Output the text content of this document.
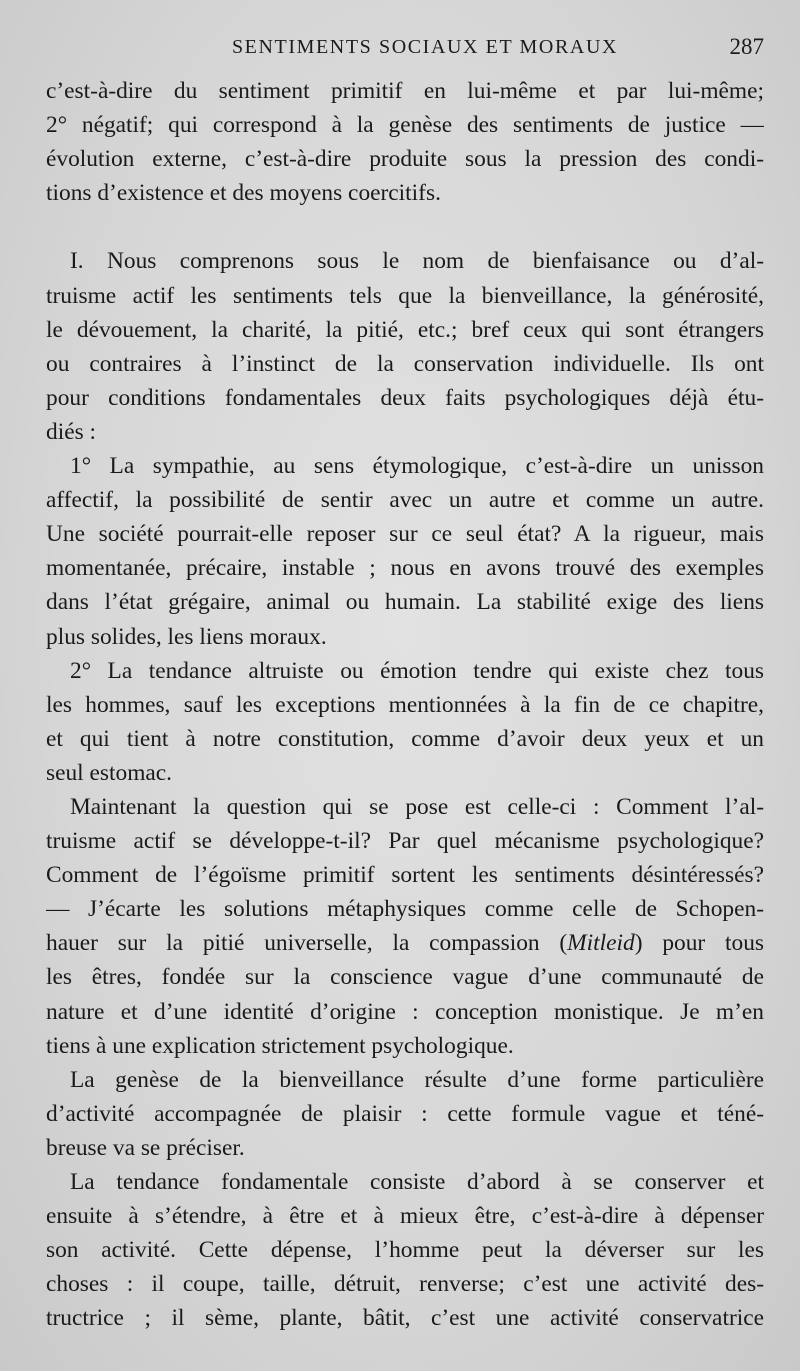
SENTIMENTS SOCIAUX ET MORAUX	287
c’est-à-dire du sentiment primitif en lui-même et par lui-même;
2° négatif; qui correspond à la genèse des sentiments de justice —
évolution externe, c’est-à-dire produite sous la pression des condi-
tions d’existence et des moyens coercitifs.
I. Nous comprenons sous le nom de bienfaisance ou d’al-
truisme actif les sentiments tels que la bienveillance, la générosité,
le dévouement, la charité, la pitié, etc.; bref ceux qui sont étrangers
ou contraires à l’instinct de la conservation individuelle. Ils ont
pour conditions fondamentales deux faits psychologiques déjà étu-
diés :
1° La sympathie, au sens étymologique, c’est-à-dire un unisson
affectif, la possibilité de sentir avec un autre et comme un autre.
Une société pourrait-elle reposer sur ce seul état? A la rigueur, mais
momentanée, précaire, instable ; nous en avons trouvé des exemples
dans l’état grégaire, animal ou humain. La stabilité exige des liens
plus solides, les liens moraux.
2° La tendance altruiste ou émotion tendre qui existe chez tous
les hommes, sauf les exceptions mentionnées à la fin de ce chapitre,
et qui tient à notre constitution, comme d’avoir deux yeux et un
seul estomac.
Maintenant la question qui se pose est celle-ci : Comment l’al-
truisme actif se développe-t-il? Par quel mécanisme psychologique?
Comment de l’égoïsme primitif sortent les sentiments désintéressés?
— J’écarte les solutions métaphysiques comme celle de Schopen-
hauer sur la pitié universelle, la compassion (Mitleid) pour tous
les êtres, fondée sur la conscience vague d’une communauté de
nature et d’une identité d’origine : conception monistique. Je m’en
tiens à une explication strictement psychologique.
La genèse de la bienveillance résulte d’une forme particulière
d’activité accompagnée de plaisir : cette formule vague et téné-
breuse va se préciser.
La tendance fondamentale consiste d’abord à se conserver et
ensuite à s’étendre, à être et à mieux être, c’est-à-dire à dépenser
son activité. Cette dépense, l’homme peut la déverser sur les
choses : il coupe, taille, détruit, renverse; c’est une activité des-
tructrice ; il sème, plante, bâtit, c’est une activité conservatrice
